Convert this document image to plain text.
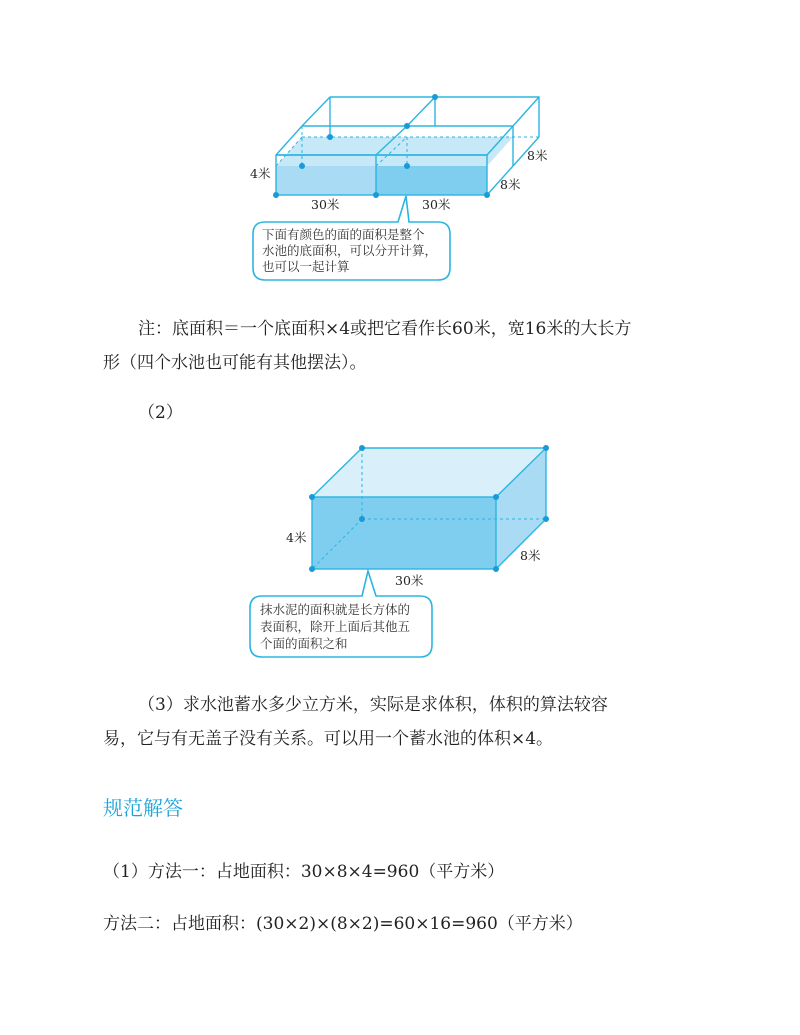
4米
8米
8米
30米	30米
下面有颜色的面的面积是整个
水池的底面积，可以分开计算，
也可以一起计算

注：底面积＝一个底面积×4或把它看作长60米，宽16米的大长方

形（四个水池也可能有其他摆法）。

（2）

4米
8米
30米
抹水泥的面积就是长方体的
表面积，除开上面后其他五
个面的面积之和

（3）求水池蓄水多少立方米，实际是求体积，体积的算法较容

易，它与有无盖子没有关系。可以用一个蓄水池的体积×4。

规范解答

（1）方法一：占地面积：30×8×4=960（平方米）

方法二：占地面积：(30×2)×(8×2)=60×16=960（平方米）
